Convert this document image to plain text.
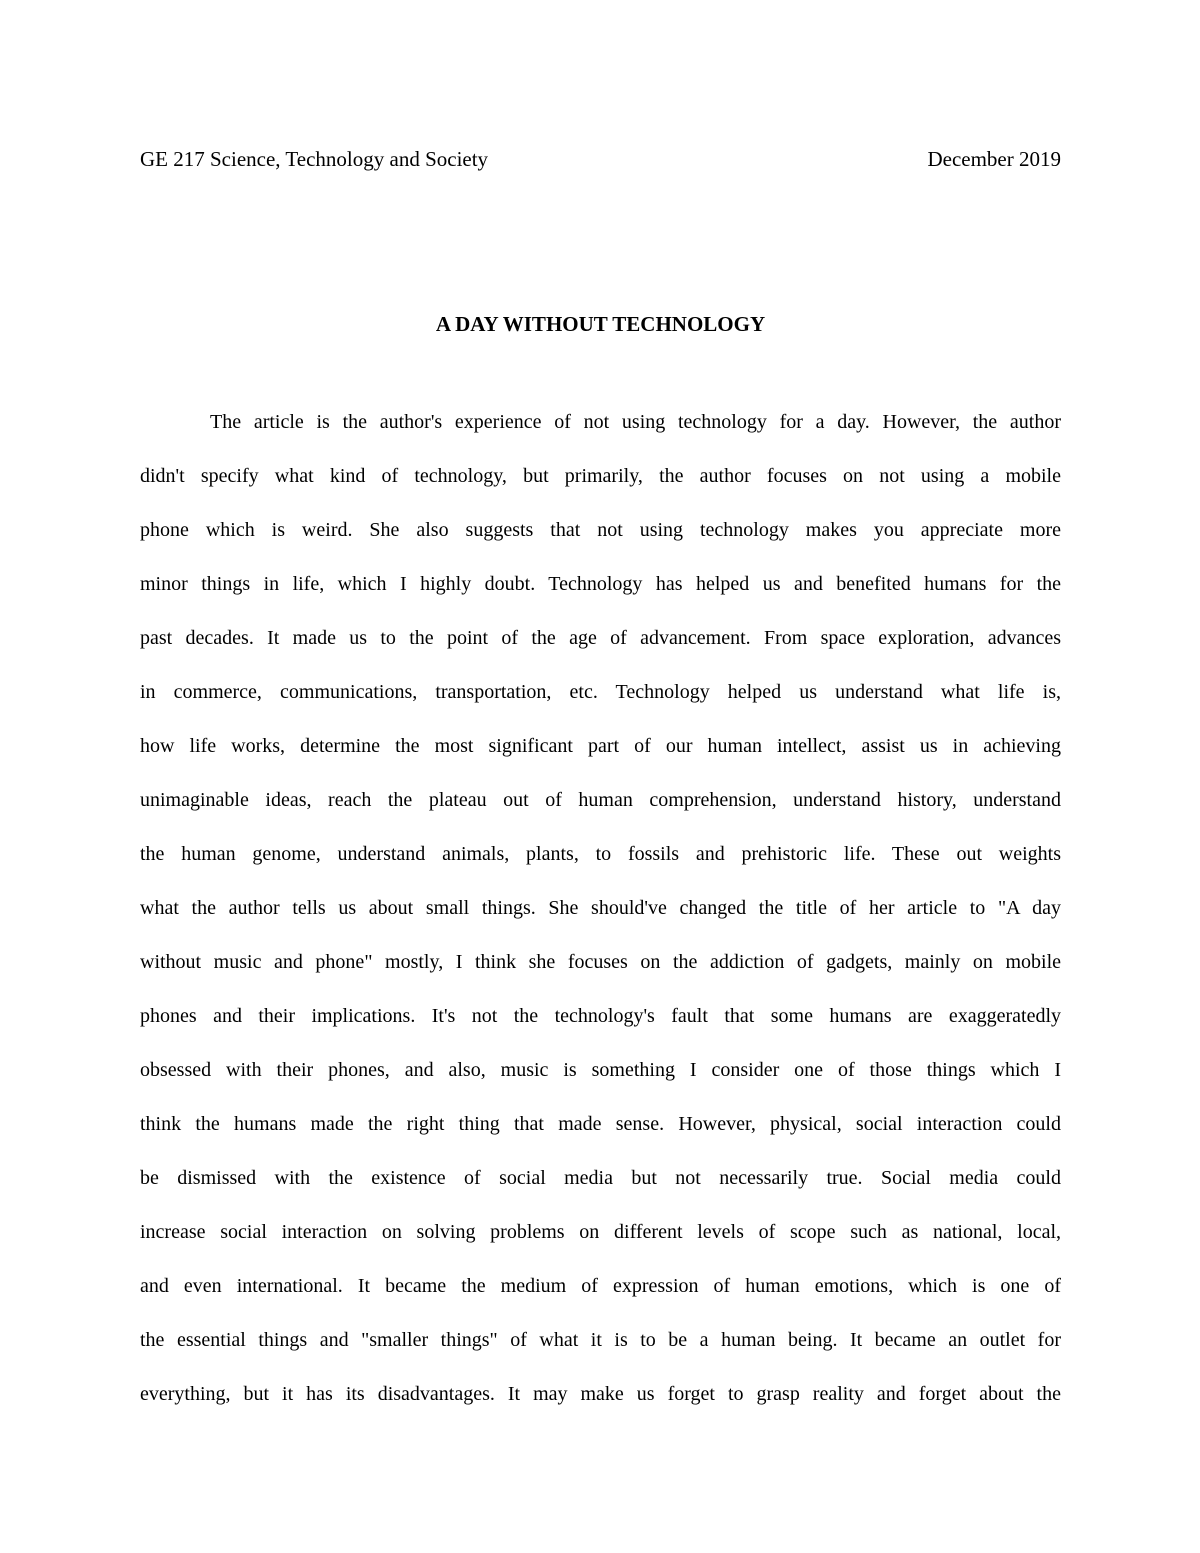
GE 217 Science, Technology and Society	December 2019
A DAY WITHOUT TECHNOLOGY
The article is the author's experience of not using technology for a day. However, the author
didn't specify what kind of technology, but primarily, the author focuses on not using a mobile
phone which is weird. She also suggests that not using technology makes you appreciate more
minor things in life, which I highly doubt. Technology has helped us and benefited humans for the
past decades. It made us to the point of the age of advancement. From space exploration, advances
in commerce, communications, transportation, etc. Technology helped us understand what life is,
how life works, determine the most significant part of our human intellect, assist us in achieving
unimaginable ideas, reach the plateau out of human comprehension, understand history, understand
the human genome, understand animals, plants, to fossils and prehistoric life. These out weights
what the author tells us about small things. She should've changed the title of her article to "A day
without music and phone" mostly, I think she focuses on the addiction of gadgets, mainly on mobile
phones and their implications. It's not the technology's fault that some humans are exaggeratedly
obsessed with their phones, and also, music is something I consider one of those things which I
think the humans made the right thing that made sense. However, physical, social interaction could
be dismissed with the existence of social media but not necessarily true. Social media could
increase social interaction on solving problems on different levels of scope such as national, local,
and even international. It became the medium of expression of human emotions, which is one of
the essential things and "smaller things" of what it is to be a human being. It became an outlet for
everything, but it has its disadvantages. It may make us forget to grasp reality and forget about the
